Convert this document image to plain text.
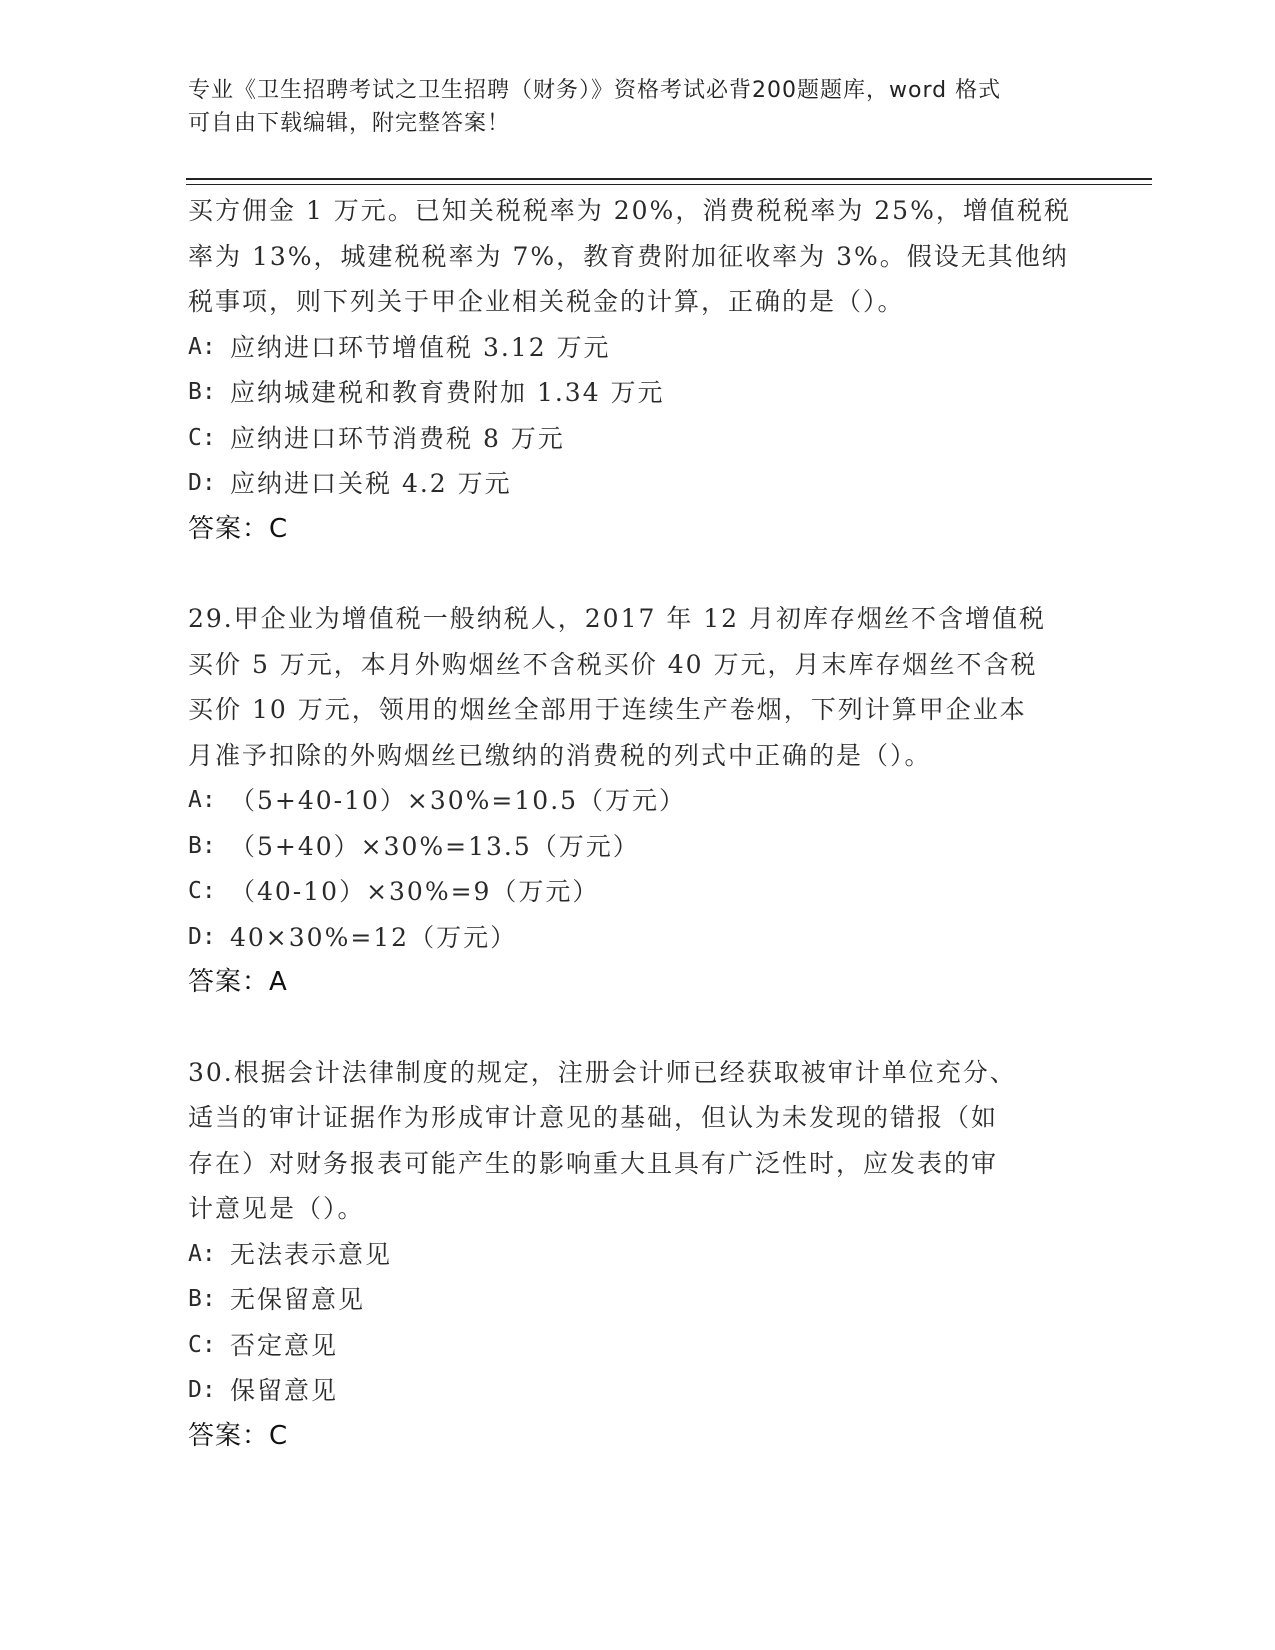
专业《卫生招聘考试之卫生招聘（财务）》资格考试必背200题题库，word 格式
可自由下载编辑，附完整答案！
买方佣金 1 万元。已知关税税率为 20%，消费税税率为 25%，增值税税
率为 13%，城建税税率为 7%，教育费附加征收率为 3%。假设无其他纳
税事项，则下列关于甲企业相关税金的计算，正确的是（）。
A: 应纳进口环节增值税 3.12 万元
B: 应纳城建税和教育费附加 1.34 万元
C: 应纳进口环节消费税 8 万元
D: 应纳进口关税 4.2 万元
答案：C
29.甲企业为增值税一般纳税人，2017 年 12 月初库存烟丝不含增值税
买价 5 万元，本月外购烟丝不含税买价 40 万元，月末库存烟丝不含税
买价 10 万元，领用的烟丝全部用于连续生产卷烟，下列计算甲企业本
月准予扣除的外购烟丝已缴纳的消费税的列式中正确的是（）。
A: （5+40-10）×30%=10.5（万元）
B: （5+40）×30%=13.5（万元）
C: （40-10）×30%=9（万元）
D: 40×30%=12（万元）
答案：A
30.根据会计法律制度的规定，注册会计师已经获取被审计单位充分、
适当的审计证据作为形成审计意见的基础，但认为未发现的错报（如
存在）对财务报表可能产生的影响重大且具有广泛性时，应发表的审
计意见是（）。
A: 无法表示意见
B: 无保留意见
C: 否定意见
D: 保留意见
答案：C
